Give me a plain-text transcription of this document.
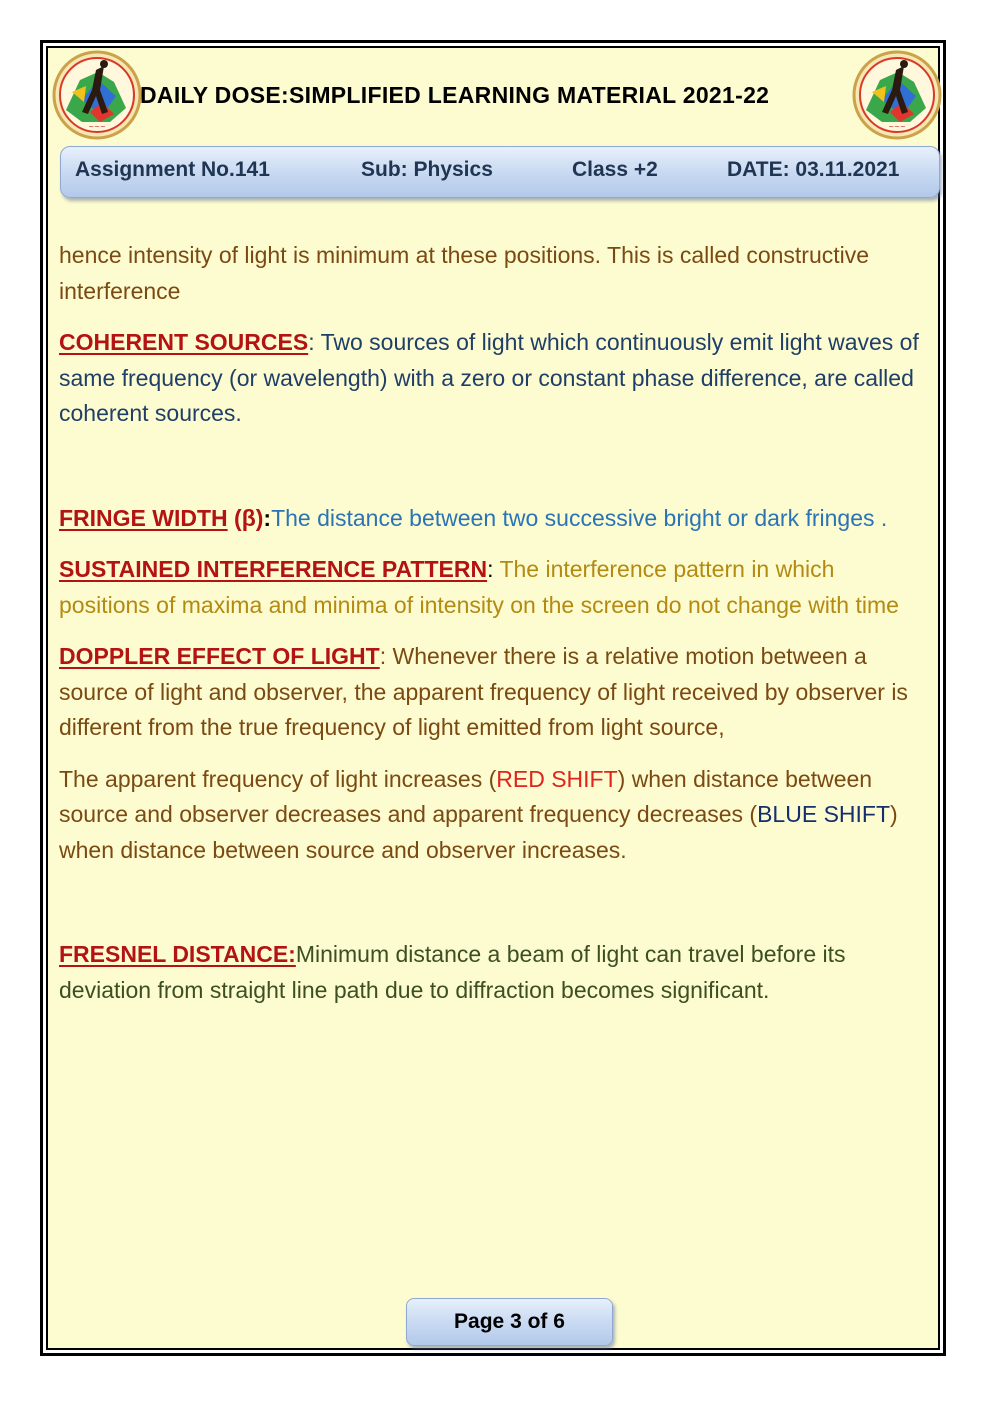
~~~
DAILY DOSE:SIMPLIFIED LEARNING MATERIAL 2021-22
~~~
Assignment No.141	Sub: Physics	Class +2	DATE: 03.11.2021

hence intensity of light is minimum at these positions. This is called constructive interference

COHERENT SOURCES: Two sources of light which continuously emit light waves of same frequency (or wavelength) with a zero or constant phase difference, are called coherent sources.

FRINGE WIDTH (β):The distance between two successive bright or dark fringes .

SUSTAINED INTERFERENCE PATTERN: The interference pattern in which positions of maxima and minima of intensity on the screen do not change with time

DOPPLER EFFECT OF LIGHT: Whenever there is a relative motion between a source of light and observer, the apparent frequency of light received by observer is different from the true frequency of light emitted from light source,

The apparent frequency of light increases (RED SHIFT) when distance between source and observer decreases and apparent frequency decreases (BLUE SHIFT) when distance between source and observer increases.

FRESNEL DISTANCE:Minimum distance a beam of light can travel before its deviation from straight line path due to diffraction becomes significant.

Page 3 of 6
